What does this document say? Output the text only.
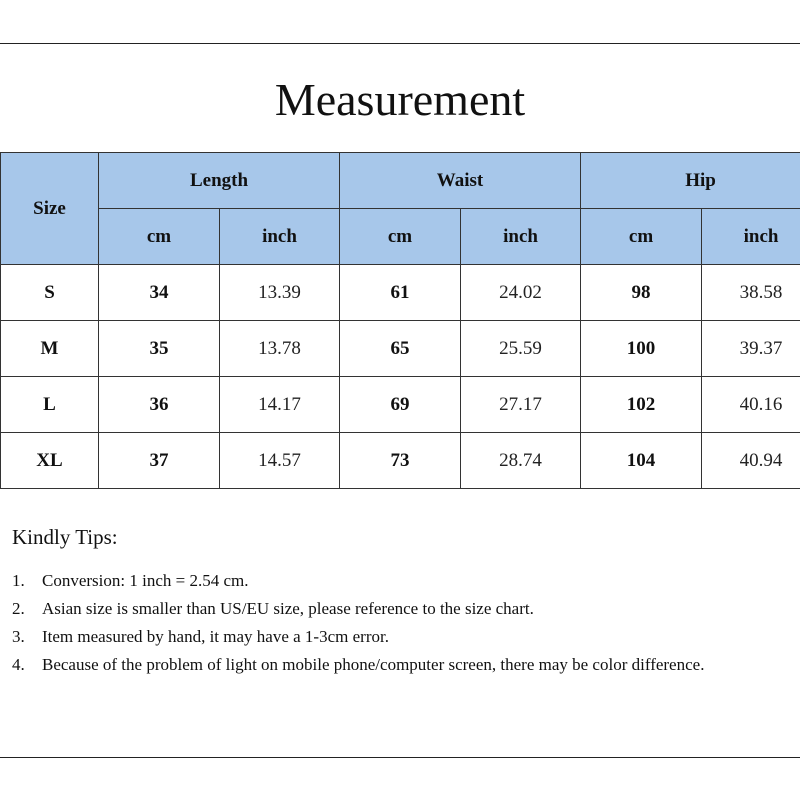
Measurement
Size	Length		Waist		Hip	
	cm	inch	cm	inch	cm	inch
S	34	13.39	61	24.02	98	38.58
M	35	13.78	65	25.59	100	39.37
L	36	14.17	69	27.17	102	40.16
XL	37	14.57	73	28.74	104	40.94
Kindly Tips:
1. Conversion: 1 inch = 2.54 cm.
2. Asian size is smaller than US/EU size, please reference to the size chart.
3. Item measured by hand, it may have a 1-3cm error.
4. Because of the problem of light on mobile phone/computer screen, there may be color difference.
